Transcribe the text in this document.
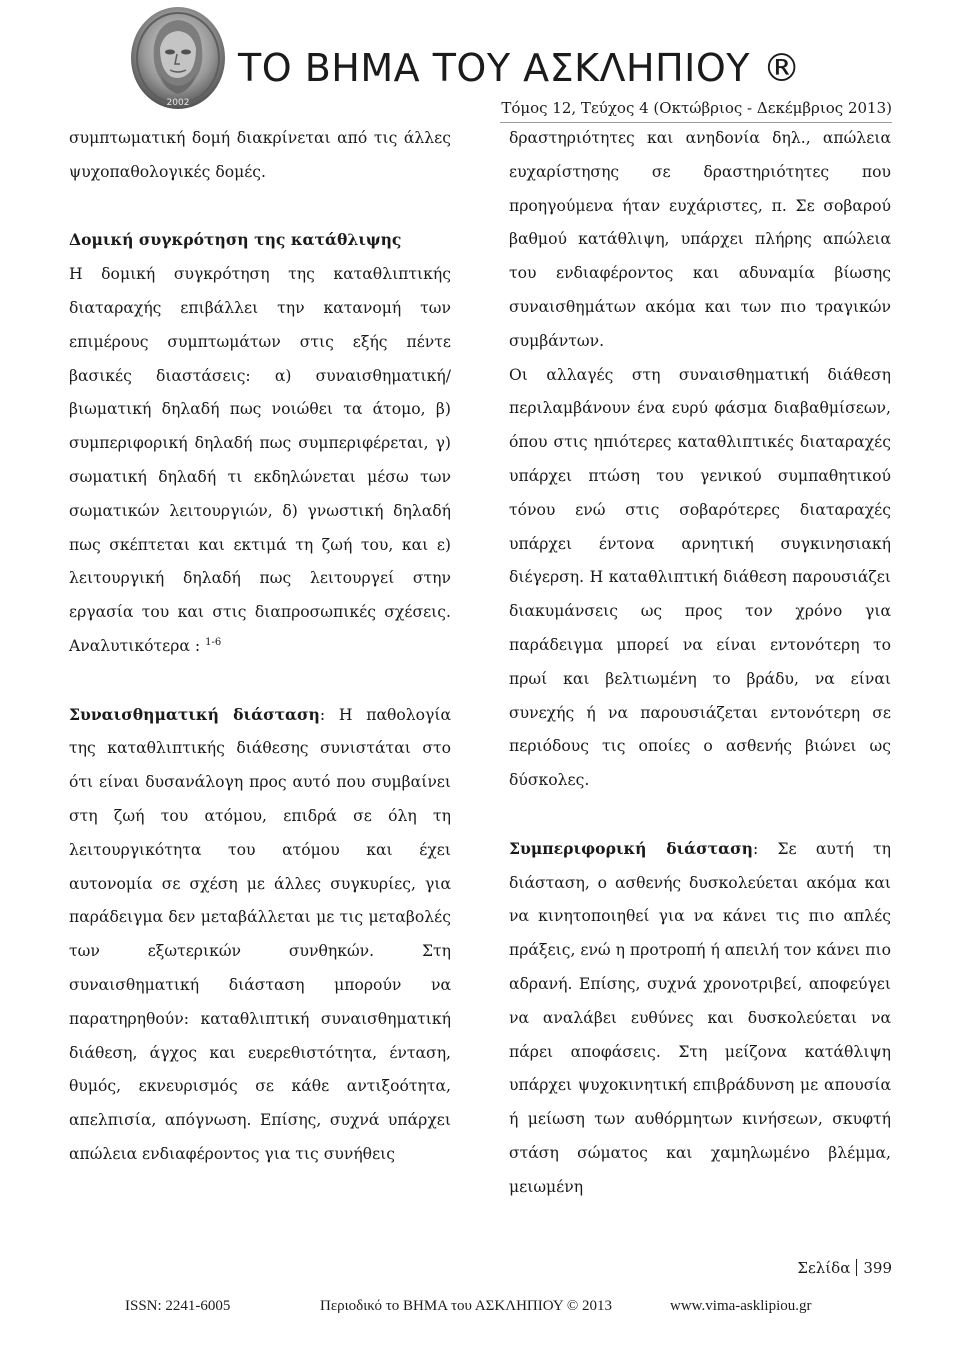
2002
ΤΟ ΒΗΜΑ ΤΟΥ ΑΣΚΛΗΠΙΟΥ ®
Τόμος 12, Τεύχος 4 (Οκτώβριος - Δεκέμβριος 2013)

συμπτωματική δομή διακρίνεται από τις άλλες ψυχοπαθολογικές δομές.

Δομική συγκρότηση της κατάθλιψης

Η δομική συγκρότηση της καταθλιπτικής διαταραχής επιβάλλει την κατανομή των επιμέρους συμπτωμάτων στις εξής πέντε βασικές διαστάσεις: α) συναισθηματική/βιωματική δηλαδή πως νοιώθει τα άτομο, β) συμπεριφορική δηλαδή πως συμπεριφέρεται, γ) σωματική δηλαδή τι εκδηλώνεται μέσω των σωματικών λειτουργιών, δ) γνωστική δηλαδή πως σκέπτεται και εκτιμά τη ζωή του, και ε) λειτουργική δηλαδή πως λειτουργεί στην εργασία του και στις διαπροσωπικές σχέσεις. Αναλυτικότερα : $^{1-6}$

Συναισθηματική διάσταση: Η παθολογία της καταθλιπτικής διάθεσης συνιστάται στο ότι είναι δυσανάλογη προς αυτό που συμβαίνει στη ζωή του ατόμου, επιδρά σε όλη τη λειτουργικότητα του ατόμου και έχει αυτονομία σε σχέση με άλλες συγκυρίες, για παράδειγμα δεν μεταβάλλεται με τις μεταβολές των εξωτερικών συνθηκών. Στη συναισθηματική διάσταση μπορούν να παρατηρηθούν: καταθλιπτική συναισθηματική διάθεση, άγχος και ευερεθιστότητα, ένταση, θυμός, εκνευρισμός σε κάθε αντιξοότητα, απελπισία, απόγνωση. Επίσης, συχνά υπάρχει απώλεια ενδιαφέροντος για τις συνήθεις

δραστηριότητες και ανηδονία δηλ., απώλεια ευχαρίστησης σε δραστηριότητες που προηγούμενα ήταν ευχάριστες, π. Σε σοβαρού βαθμού κατάθλιψη, υπάρχει πλήρης απώλεια του ενδιαφέροντος και αδυναμία βίωσης συναισθημάτων ακόμα και των πιο τραγικών συμβάντων.

Οι αλλαγές στη συναισθηματική διάθεση περιλαμβάνουν ένα ευρύ φάσμα διαβαθμίσεων, όπου στις ηπιότερες καταθλιπτικές διαταραχές υπάρχει πτώση του γενικού συμπαθητικού τόνου ενώ στις σοβαρότερες διαταραχές υπάρχει έντονα αρνητική συγκινησιακή διέγερση. Η καταθλιπτική διάθεση παρουσιάζει διακυμάνσεις ως προς τον χρόνο για παράδειγμα μπορεί να είναι εντονότερη το πρωί και βελτιωμένη το βράδυ, να είναι συνεχής ή να παρουσιάζεται εντονότερη σε περιόδους τις οποίες ο ασθενής βιώνει ως δύσκολες.

Συμπεριφορική διάσταση: Σε αυτή τη διάσταση, ο ασθενής δυσκολεύεται ακόμα και να κινητοποιηθεί για να κάνει τις πιο απλές πράξεις, ενώ η προτροπή ή απειλή τον κάνει πιο αδρανή. Επίσης, συχνά χρονοτριβεί, αποφεύγει να αναλάβει ευθύνες και δυσκολεύεται να πάρει αποφάσεις. Στη μείζονα κατάθλιψη υπάρχει ψυχοκινητική επιβράδυνση με απουσία ή μείωση των αυθόρμητων κινήσεων, σκυφτή στάση σώματος και χαμηλωμένο βλέμμα, μειωμένη

Σελίδα 399
ISSN: 2241-6005	Περιοδικό το ΒΗΜΑ του ΑΣΚΛΗΠΙΟΥ © 2013	www.vima-asklipiou.gr
